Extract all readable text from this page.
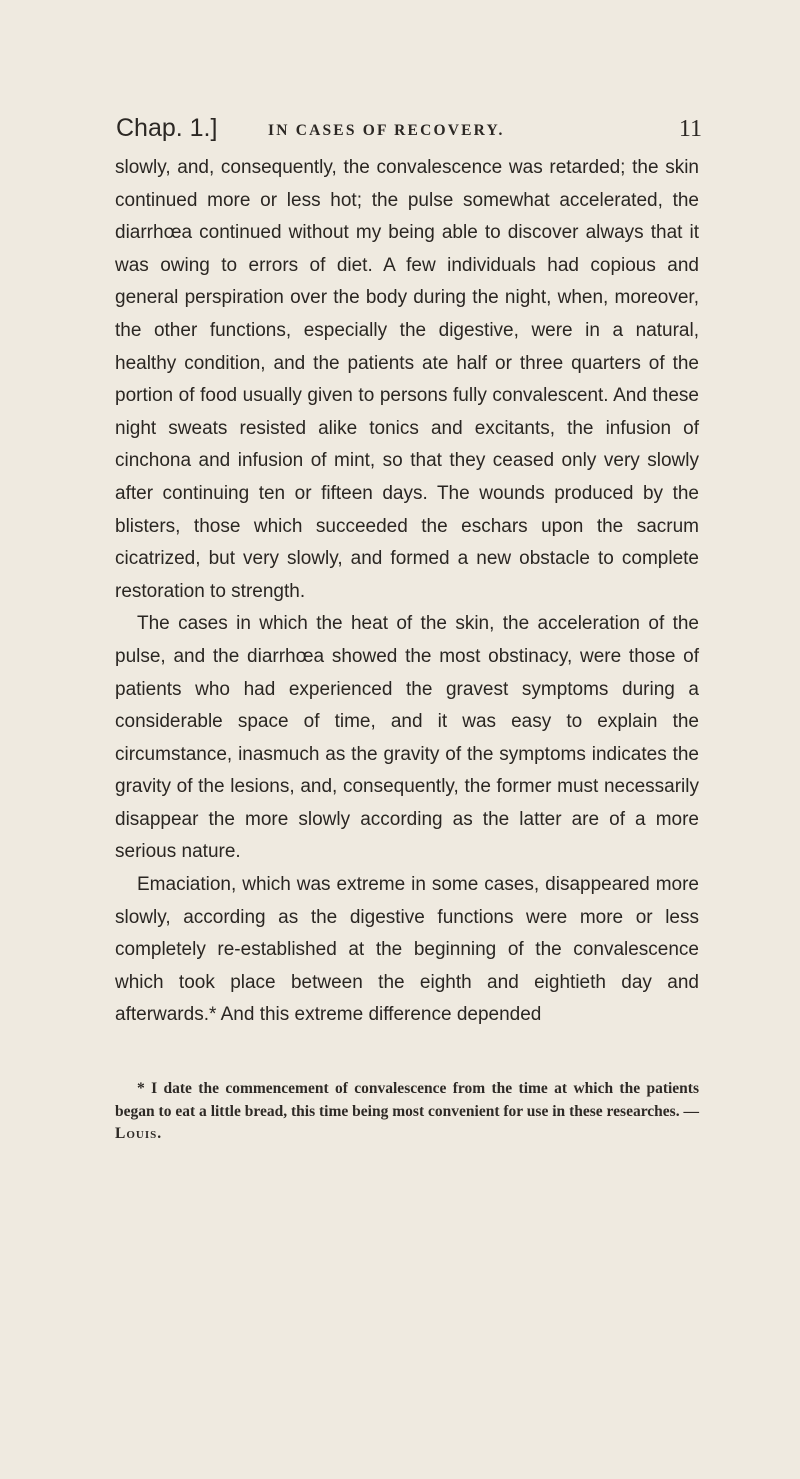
Chap. 1.]	IN CASES OF RECOVERY.	11

slowly, and, consequently, the convalescence was retarded; the skin continued more or less hot; the pulse somewhat accelerated, the diarrhœa continued without my being able to discover always that it was owing to errors of diet. A few individuals had copious and general perspiration over the body during the night, when, moreover, the other functions, especially the digestive, were in a natural, healthy condition, and the patients ate half or three quarters of the portion of food usually given to persons fully convalescent. And these night sweats resisted alike tonics and excitants, the infusion of cinchona and infusion of mint, so that they ceased only very slowly after continuing ten or fifteen days. The wounds produced by the blisters, those which succeeded the eschars upon the sacrum cicatrized, but very slowly, and formed a new obstacle to complete restoration to strength.

The cases in which the heat of the skin, the acceleration of the pulse, and the diarrhœa showed the most obstinacy, were those of patients who had experienced the gravest symptoms during a considerable space of time, and it was easy to explain the circumstance, inasmuch as the gravity of the symptoms indicates the gravity of the lesions, and, consequently, the former must necessarily disappear the more slowly according as the latter are of a more serious nature.

Emaciation, which was extreme in some cases, disappeared more slowly, according as the digestive functions were more or less completely re-established at the beginning of the convalescence which took place between the eighth and eightieth day and afterwards.* And this extreme difference depended

* I date the commencement of convalescence from the time at which the patients began to eat a little bread, this time being most convenient for use in these researches. — Louis.
